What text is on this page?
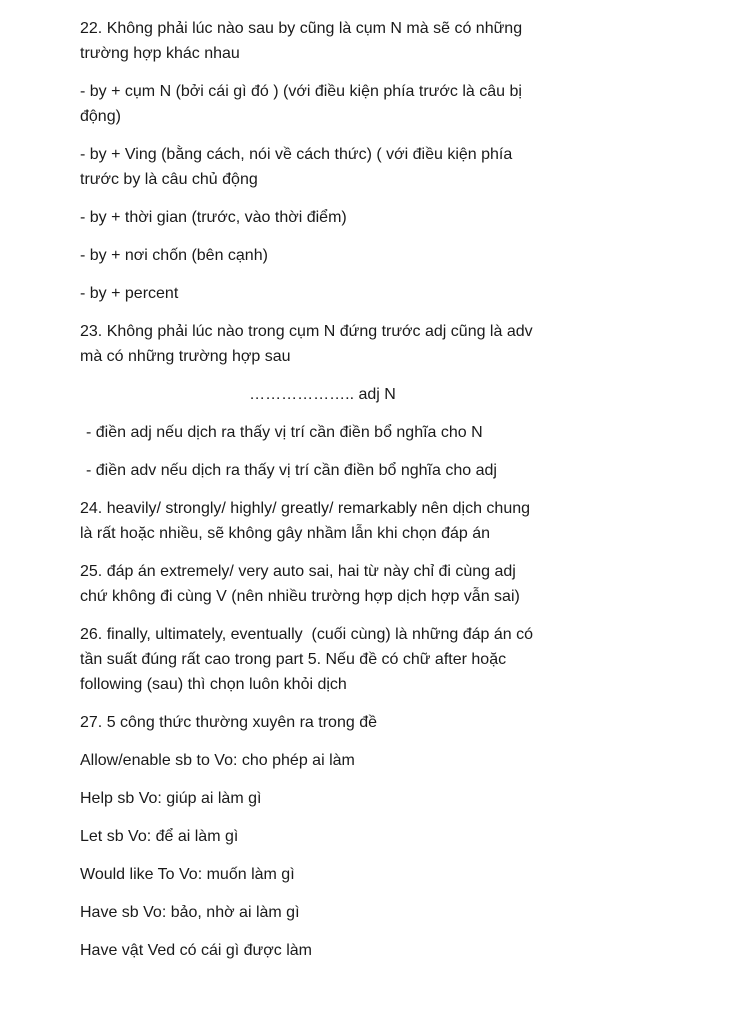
22. Không phải lúc nào sau by cũng là cụm N mà sẽ có những trường hợp khác nhau

- by + cụm N (bởi cái gì đó ) (với điều kiện phía trước là câu bị động)

- by + Ving (bằng cách, nói về cách thức) ( với điều kiện phía trước by là câu chủ động

- by + thời gian (trước, vào thời điểm)

- by + nơi chốn (bên cạnh)

- by + percent

23. Không phải lúc nào trong cụm N đứng trước adj cũng là adv mà có những trường hợp sau

……………….. adj N

- điền adj nếu dịch ra thấy vị trí cần điền bổ nghĩa cho N

- điền adv nếu dịch ra thấy vị trí cần điền bổ nghĩa cho adj

24. heavily/ strongly/ highly/ greatly/ remarkably nên dịch chung là rất hoặc nhiều, sẽ không gây nhầm lẫn khi chọn đáp án

25. đáp án extremely/ very auto sai, hai từ này chỉ đi cùng adj chứ không đi cùng V (nên nhiều trường hợp dịch hợp vẫn sai)

26. finally, ultimately, eventually  (cuối cùng) là những đáp án có tần suất đúng rất cao trong part 5. Nếu đề có chữ after hoặc following (sau) thì chọn luôn khỏi dịch

27. 5 công thức thường xuyên ra trong đề

Allow/enable sb to Vo: cho phép ai làm

Help sb Vo: giúp ai làm gì

Let sb Vo: để ai làm gì

Would like To Vo: muốn làm gì

Have sb Vo: bảo, nhờ ai làm gì

Have vật Ved có cái gì được làm
